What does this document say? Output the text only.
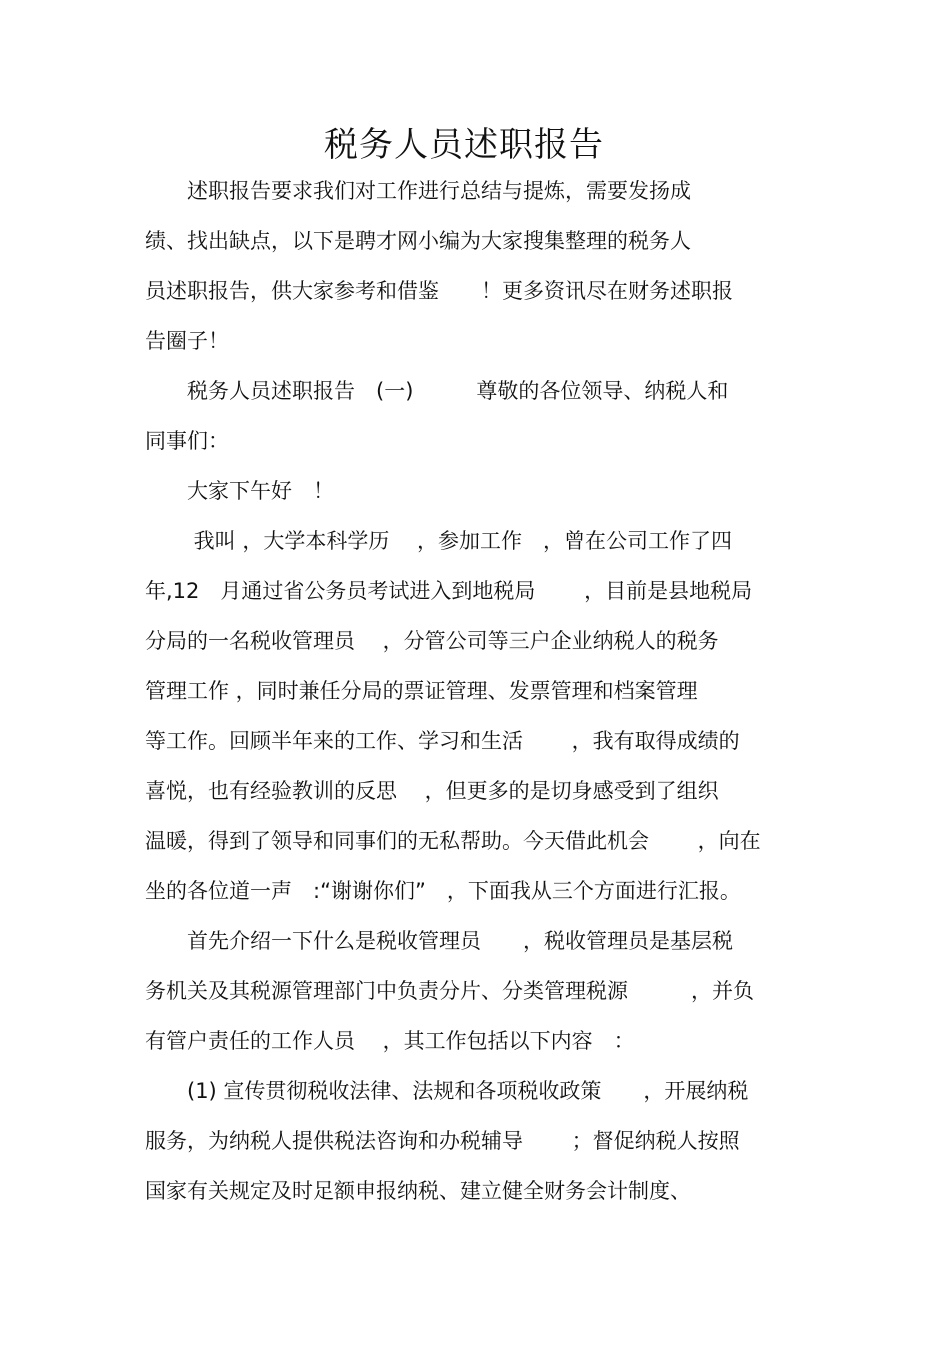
税务人员述职报告
　　述职报告要求我们对工作进行总结与提炼，需要发扬成
绩、找出缺点，以下是聘才网小编为大家搜集整理的税务人
员述职报告，供大家参考和借鉴　　！更多资讯尽在财务述职报
告圈子！
　　税务人员述职报告　(一)　　　尊敬的各位领导、纳税人和
同事们：
　　大家下午好　！
　　 我叫 ，大学本科学历　 ，参加工作　，曾在公司工作了四
年,12　月通过省公务员考试进入到地税局　　 ，目前是县地税局
分局的一名税收管理员　 ，分管公司等三户企业纳税人的税务
管理工作 ，同时兼任分局的票证管理、发票管理和档案管理
等工作。回顾半年来的工作、学习和生活　　 ，我有取得成绩的
喜悦，也有经验教训的反思　 ，但更多的是切身感受到了组织
温暖，得到了领导和同事们的无私帮助。今天借此机会　　 ，向在
坐的各位道一声　:“谢谢你们”　，下面我从三个方面进行汇报。
　　首先介绍一下什么是税收管理员　　，税收管理员是基层税
务机关及其税源管理部门中负责分片、分类管理税源　　　，并负
有管户责任的工作人员　 ，其工作包括以下内容　：
　　(1) 宣传贯彻税收法律、法规和各项税收政策　　，开展纳税
服务，为纳税人提供税法咨询和办税辅导　　 ；督促纳税人按照
国家有关规定及时足额申报纳税、建立健全财务会计制度、
